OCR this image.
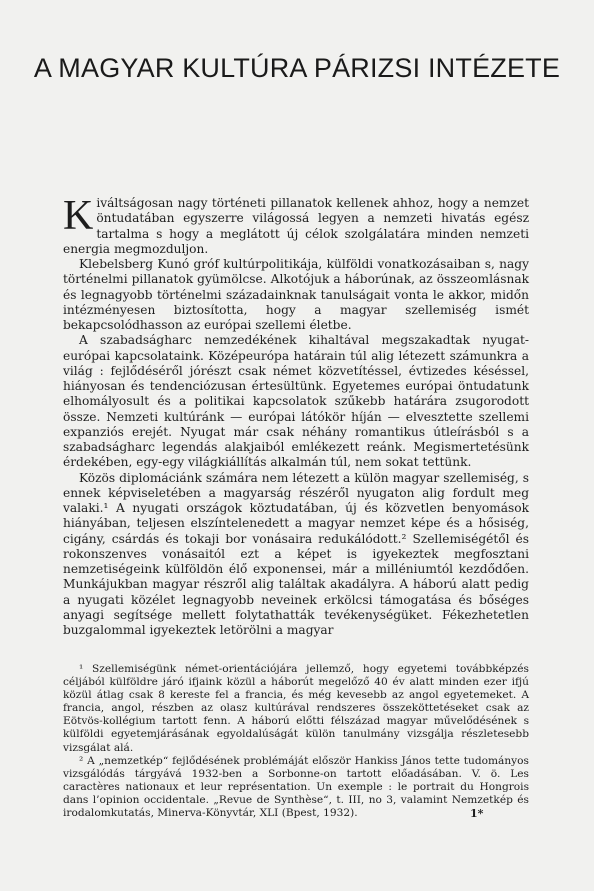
A MAGYAR KULTÚRA PÁRIZSI INTÉZETE

Kiváltságosan nagy történeti pillanatok kellenek ahhoz, hogy a nemzet öntudatában egyszerre világossá legyen a nemzeti hivatás egész tartalma s hogy a meglátott új célok szolgálatára minden nemzeti energia megmozduljon.

Klebelsberg Kunó gróf kultúrpolitikája, külföldi vonatkozásaiban s, nagy történelmi pillanatok gyümölcse. Alkotójuk a háborúnak, az összeomlásnak és legnagyobb történelmi századainknak tanulságait vonta le akkor, midőn intézményesen biztosította, hogy a magyar szellemiség ismét bekapcsolódhasson az európai szellemi életbe.

A szabadságharc nemzedékének kihaltával megszakadtak nyugat-európai kapcsolataink. Középeurópa határain túl alig létezett számunkra a világ : fejlődéséről jórészt csak német közvetítéssel, évtizedes késéssel, hiányosan és tendenciózusan értesültünk. Egyetemes európai öntudatunk elhomályosult és a politikai kapcsolatok szűkebb határára zsugorodott össze. Nemzeti kultúránk — európai látókör híján — elvesztette szellemi expanziós erejét. Nyugat már csak néhány romantikus útleírásból s a szabadságharc legendás alakjaiból emlékezett reánk. Megismertetésünk érdekében, egy-egy világkiállítás alkalmán túl, nem sokat tettünk.

Közös diplomáciánk számára nem létezett a külön magyar szellemiség, s ennek képviseletében a magyarság részéről nyugaton alig fordult meg valaki.¹ A nyugati országok köztudatában, új és közvetlen benyomások hiányában, teljesen elszíntelenedett a magyar nemzet képe és a hősiség, cigány, csárdás és tokaji bor vonásaira redukálódott.² Szellemiségétől és rokonszenves vonásaitól ezt a képet is igyekeztek megfosztani nemzetiségeink külföldön élő exponensei, már a milléniumtól kezdődően. Munkájukban magyar részről alig találtak akadályra. A háború alatt pedig a nyugati közélet legnagyobb neveinek erkölcsi támogatása és bőséges anyagi segítsége mellett folytathatták tevékenységüket. Fékezhetetlen buzgalommal igyekeztek letörölni a magyar

¹ Szellemiségünk német-orientációjára jellemző, hogy egyetemi továbbképzés céljából külföldre járó ifjaink közül a háborút megelőző 40 év alatt minden ezer ifjú közül átlag csak 8 kereste fel a franciа, és még kevesebb az angol egyetemeket. A francia, angol, részben az olasz kultúrával rendszeres összeköttetéseket csak az Eötvös-kollégium tartott fenn. A háború előtti félszázad magyar művelődésének s külföldi egyetemjárásának egyoldalúságát külön tanulmány vizsgálja részletesebb vizsgálat alá.

² A „nemzetkép“ fejlődésének problémáját először Hankiss János tette tudományos vizsgálódás tárgyává 1932-ben a Sorbonne-on tartott előadásában. V. ö. Les caractères nationaux et leur représentation. Un exemple : le portrait du Hongrois dans l’opinion occidentale. „Revue de Synthèse“, t. III, no 3, valamint Nemzetkép és irodalomkutatás, Minerva-Könyvtár, XLI (Bpest, 1932).	1*
